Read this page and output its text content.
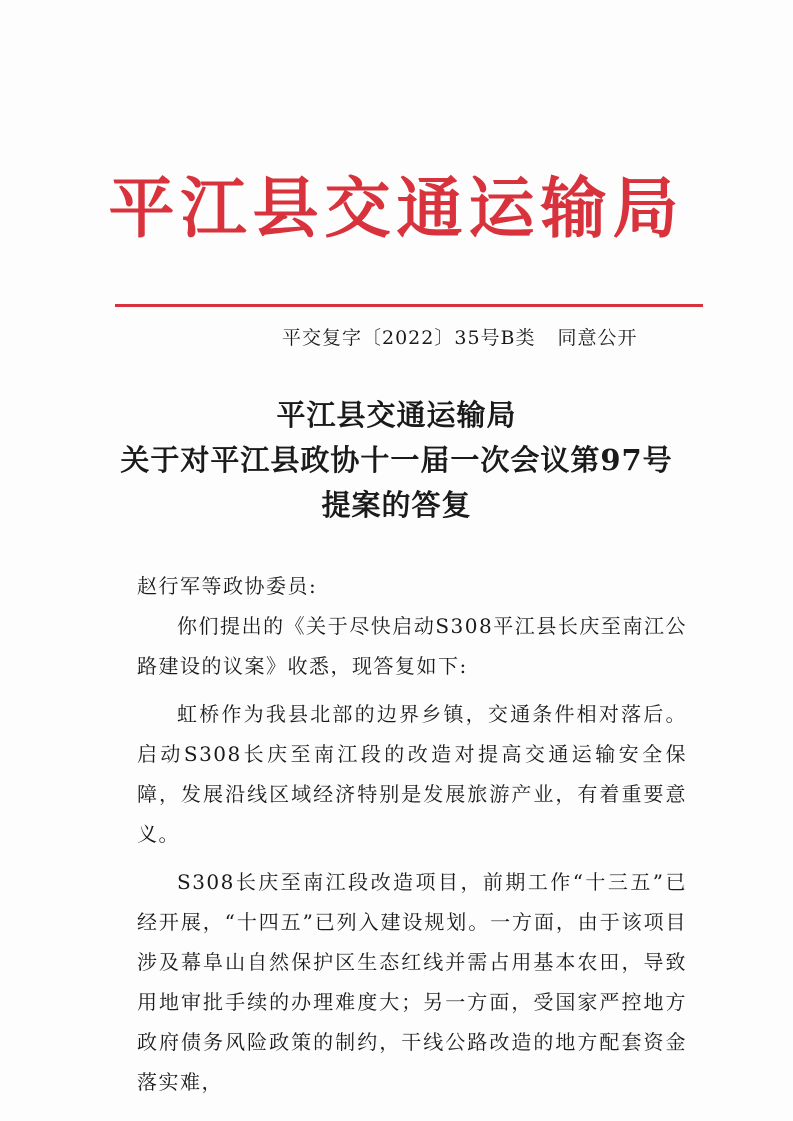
平江县交通运输局
平交复字〔2022〕35号B类 同意公开
平江县交通运输局
关于对平江县政协十一届一次会议第97号
提案的答复

赵行军等政协委员:

你们提出的《关于尽快启动S308平江县长庆至南江公路建设的议案》收悉，现答复如下:

虹桥作为我县北部的边界乡镇，交通条件相对落后。启动S308长庆至南江段的改造对提高交通运输安全保障，发展沿线区域经济特别是发展旅游产业，有着重要意义。

S308长庆至南江段改造项目，前期工作“十三五”已经开展，“十四五”已列入建设规划。一方面，由于该项目涉及幕阜山自然保护区生态红线并需占用基本农田，导致用地审批手续的办理难度大；另一方面，受国家严控地方政府债务风险政策的制约，干线公路改造的地方配套资金落实难，
